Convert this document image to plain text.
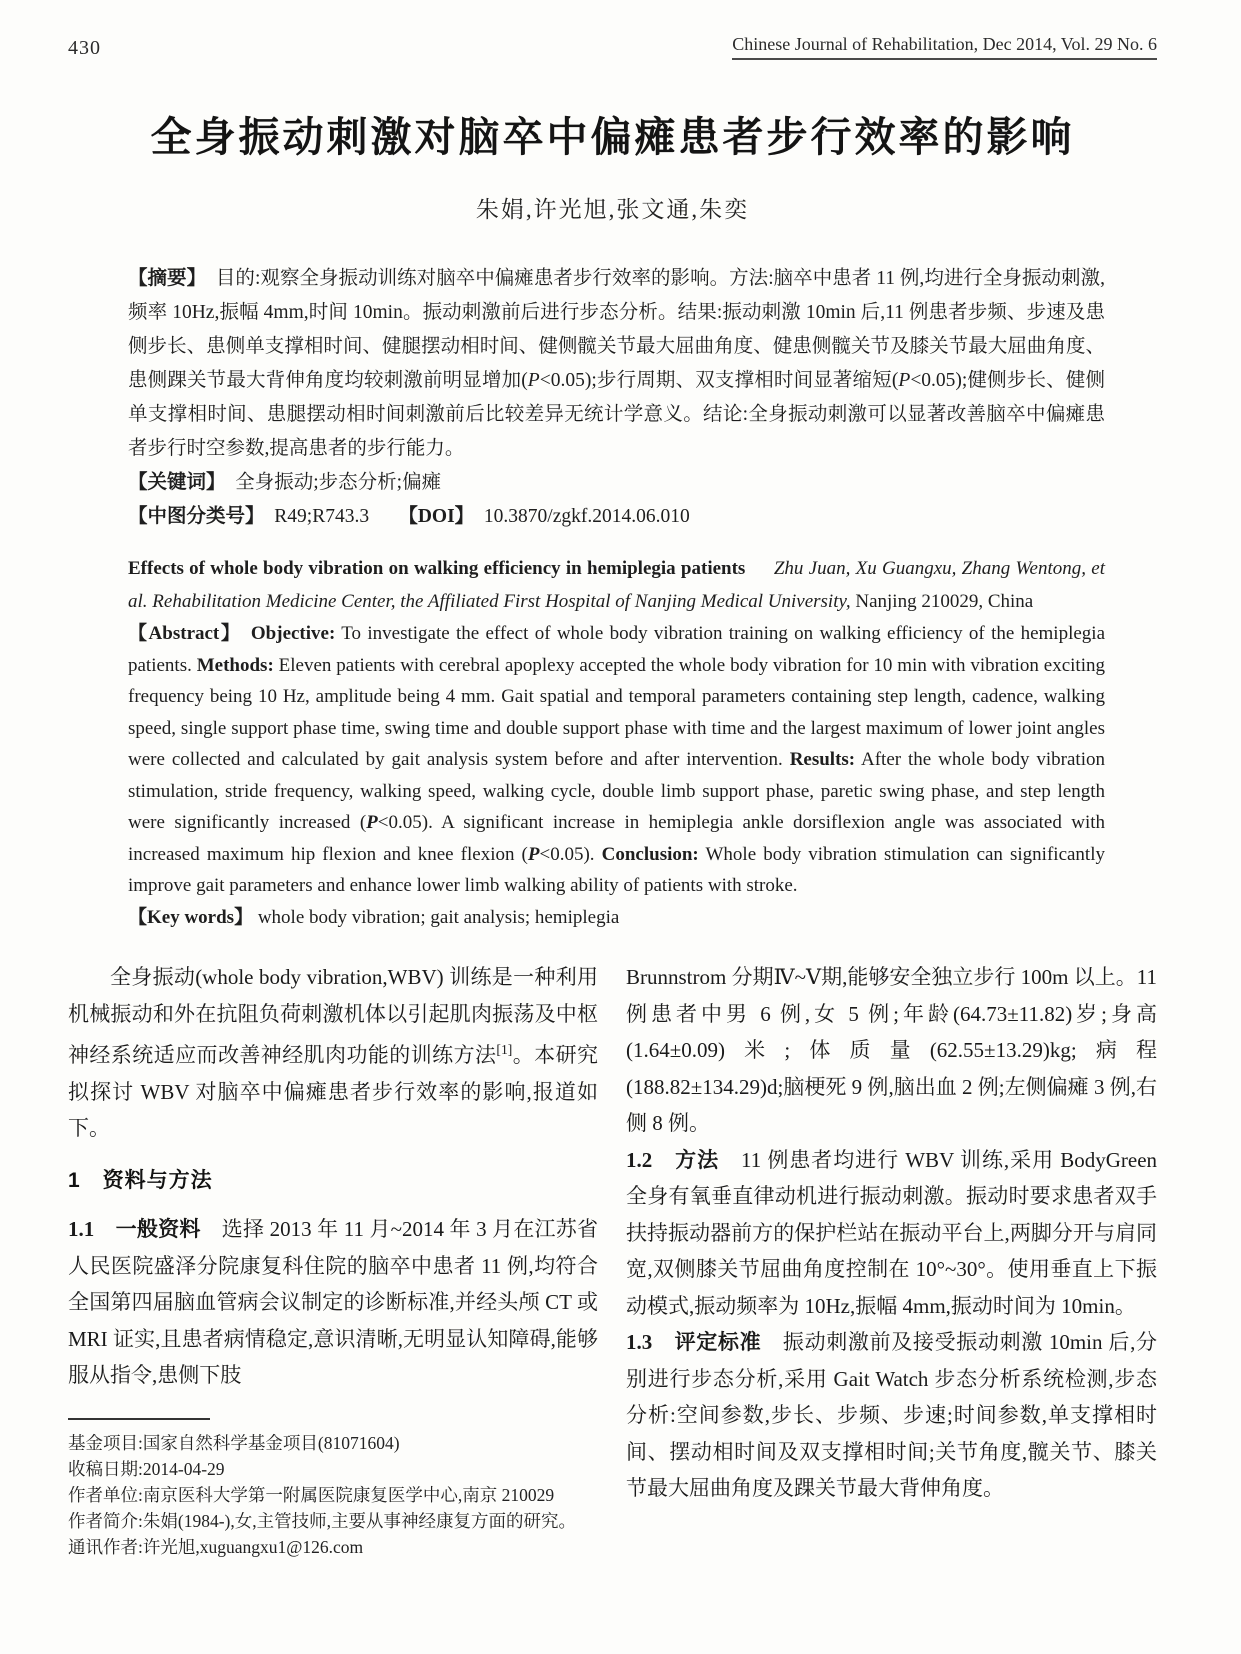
430	Chinese Journal of Rehabilitation, Dec 2014, Vol. 29 No. 6
全身振动刺激对脑卒中偏瘫患者步行效率的影响
朱娟,许光旭,张文通,朱奕

【摘要】　目的:观察全身振动训练对脑卒中偏瘫患者步行效率的影响。方法:脑卒中患者 11 例,均进行全身振动刺激,频率 10Hz,振幅 4mm,时间 10min。振动刺激前后进行步态分析。结果:振动刺激 10min 后,11 例患者步频、步速及患侧步长、患侧单支撑相时间、健腿摆动相时间、健侧髋关节最大屈曲角度、健患侧髋关节及膝关节最大屈曲角度、患侧踝关节最大背伸角度均较刺激前明显增加(P<0.05);步行周期、双支撑相时间显著缩短(P<0.05);健侧步长、健侧单支撑相时间、患腿摆动相时间刺激前后比较差异无统计学意义。结论:全身振动刺激可以显著改善脑卒中偏瘫患者步行时空参数,提高患者的步行能力。

【关键词】　全身振动;步态分析;偏瘫

【中图分类号】　R49;R743.3　　【DOI】　10.3870/zgkf.2014.06.010

Effects of whole body vibration on walking efficiency in hemiplegia patients   Zhu Juan, Xu Guangxu, Zhang Wentong, et al. Rehabilitation Medicine Center, the Affiliated First Hospital of Nanjing Medical University, Nanjing 210029, China

【Abstract】  Objective: To investigate the effect of whole body vibration training on walking efficiency of the hemiplegia patients. Methods: Eleven patients with cerebral apoplexy accepted the whole body vibration for 10 min with vibration exciting frequency being 10 Hz, amplitude being 4 mm. Gait spatial and temporal parameters containing step length, cadence, walking speed, single support phase time, swing time and double support phase with time and the largest maximum of lower joint angles were collected and calculated by gait analysis system before and after intervention. Results: After the whole body vibration stimulation, stride frequency, walking speed, walking cycle, double limb support phase, paretic swing phase, and step length were significantly increased (P<0.05). A significant increase in hemiplegia ankle dorsiflexion angle was associated with increased maximum hip flexion and knee flexion (P<0.05). Conclusion: Whole body vibration stimulation can significantly improve gait parameters and enhance lower limb walking ability of patients with stroke.

【Key words】 whole body vibration; gait analysis; hemiplegia

全身振动(whole body vibration,WBV) 训练是一种利用机械振动和外在抗阻负荷刺激机体以引起肌肉振荡及中枢神经系统适应而改善神经肌肉功能的训练方法[1]。本研究拟探讨 WBV 对脑卒中偏瘫患者步行效率的影响,报道如下。

1　资料与方法

1.1　一般资料　选择 2013 年 11 月~2014 年 3 月在江苏省人民医院盛泽分院康复科住院的脑卒中患者 11 例,均符合全国第四届脑血管病会议制定的诊断标准,并经头颅 CT 或 MRI 证实,且患者病情稳定,意识清晰,无明显认知障碍,能够服从指令,患侧下肢

基金项目:国家自然科学基金项目(81071604)
收稿日期:2014-04-29
作者单位:南京医科大学第一附属医院康复医学中心,南京 210029
作者简介:朱娟(1984-),女,主管技师,主要从事神经康复方面的研究。
通讯作者:许光旭,xuguangxu1@126.com

Brunnstrom 分期Ⅳ~Ⅴ期,能够安全独立步行 100m 以上。11 例患者中男 6 例,女 5 例;年龄(64.73±11.82)岁;身高(1.64±0.09)米;体质量(62.55±13.29)kg;病程(188.82±134.29)d;脑梗死 9 例,脑出血 2 例;左侧偏瘫 3 例,右侧 8 例。

1.2　方法　11 例患者均进行 WBV 训练,采用 BodyGreen 全身有氧垂直律动机进行振动刺激。振动时要求患者双手扶持振动器前方的保护栏站在振动平台上,两脚分开与肩同宽,双侧膝关节屈曲角度控制在 10°~30°。使用垂直上下振动模式,振动频率为 10Hz,振幅 4mm,振动时间为 10min。

1.3　评定标准　振动刺激前及接受振动刺激 10min 后,分别进行步态分析,采用 Gait Watch 步态分析系统检测,步态分析:空间参数,步长、步频、步速;时间参数,单支撑相时间、摆动相时间及双支撑相时间;关节角度,髋关节、膝关节最大屈曲角度及踝关节最大背伸角度。
